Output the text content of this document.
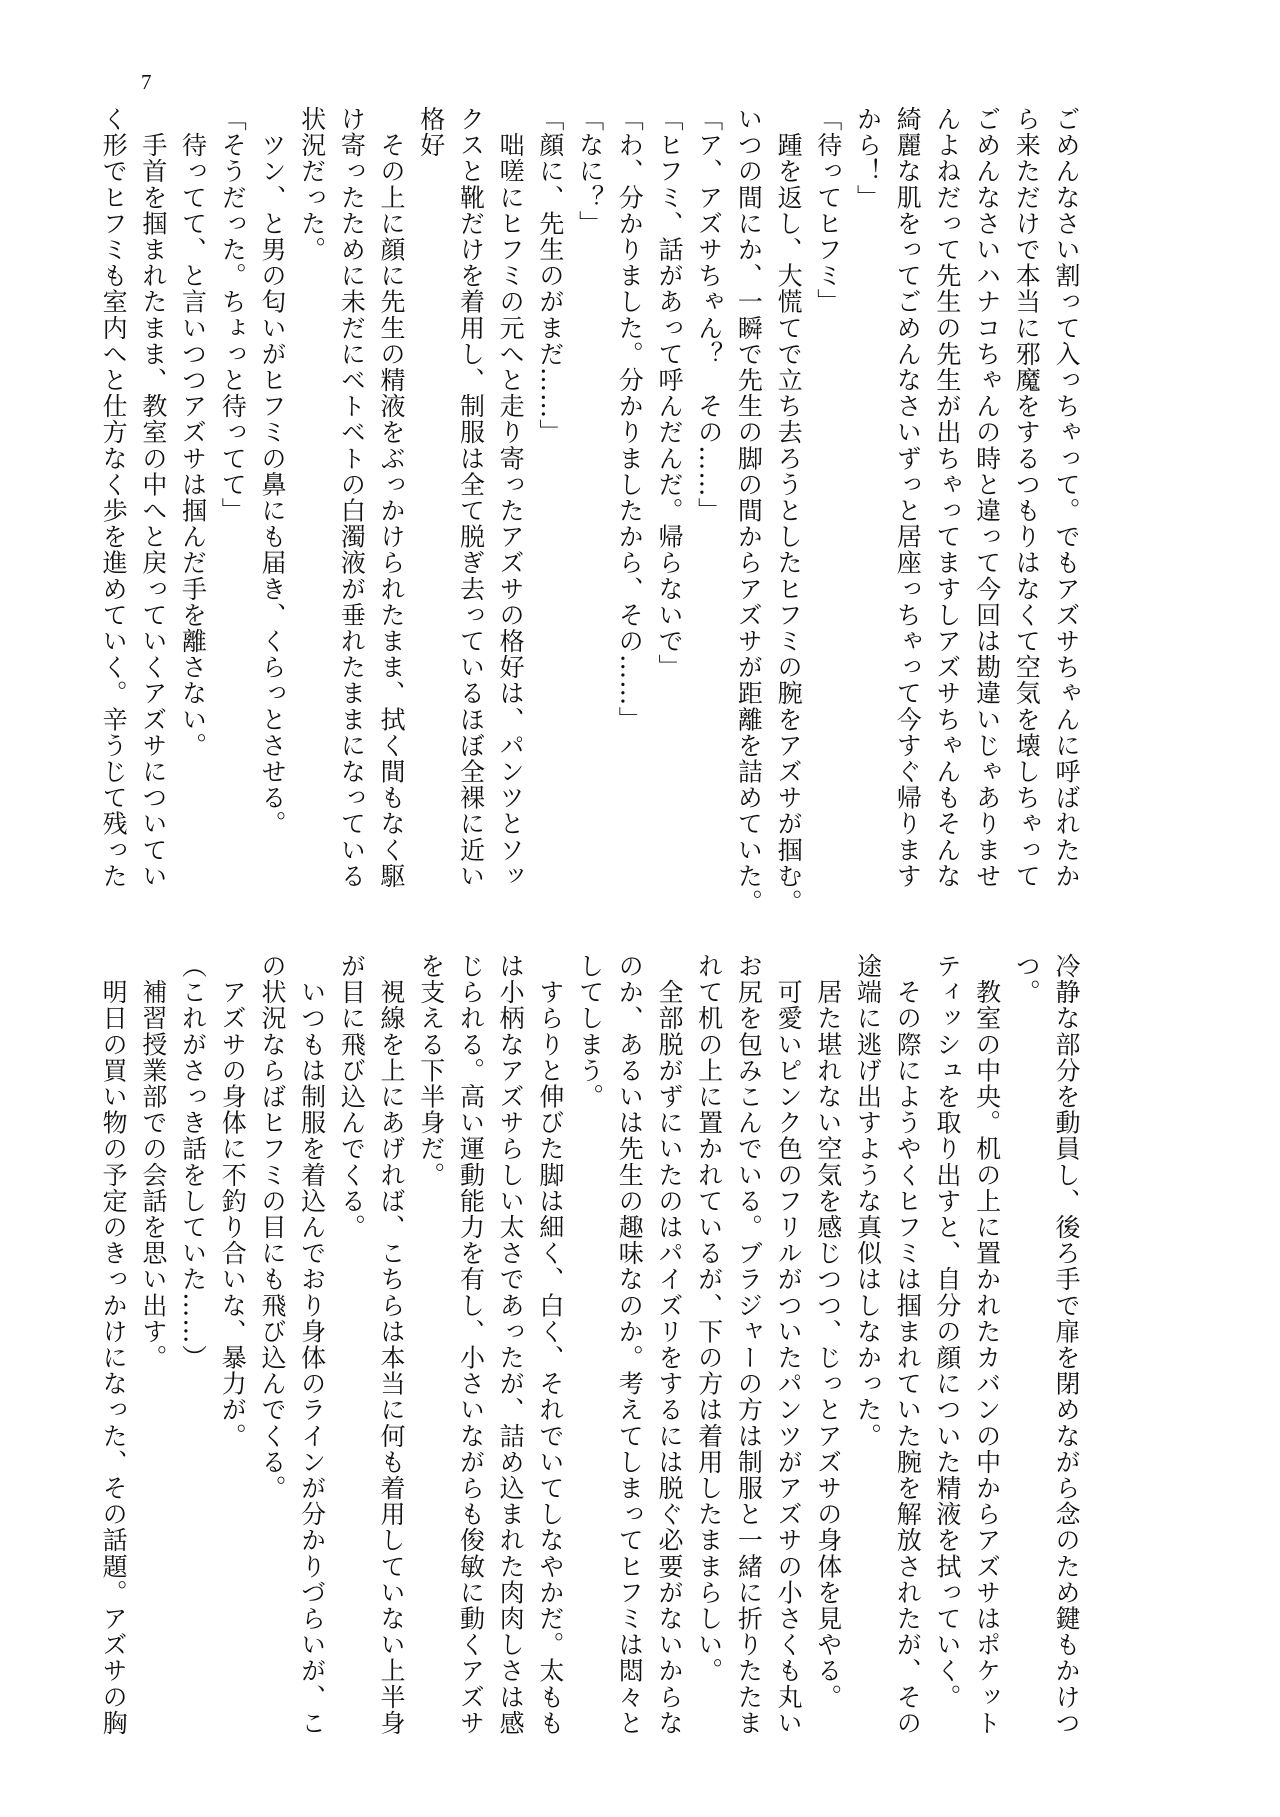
7
ごめんなさい割って入っちゃって。でもアズサちゃんに呼ばれたか
ら来ただけで本当に邪魔をするつもりはなくて空気を壊しちゃって
ごめんなさいハナコちゃんの時と違って今回は勘違いじゃありませ
んよねだって先生の先生が出ちゃってますしアズサちゃんもそんな
綺麗な肌をってごめんなさいずっと居座っちゃって今すぐ帰ります
から！」
「待ってヒフミ」
　踵を返し、大慌てで立ち去ろうとしたヒフミの腕をアズサが掴む。
いつの間にか、一瞬で先生の脚の間からアズサが距離を詰めていた。
「ア、アズサちゃん？　その……」
「ヒフミ、話があって呼んだんだ。帰らないで」
「わ、分かりました。分かりましたから、その……」
「なに？」
「顔に、先生のがまだ……」
　咄嗟にヒフミの元へと走り寄ったアズサの格好は、パンツとソッ
クスと靴だけを着用し、制服は全て脱ぎ去っているほぼ全裸に近い
格好
　その上に顔に先生の精液をぶっかけられたまま、拭く間もなく駆
け寄ったために未だにベトベトの白濁液が垂れたままになっている
状況だった。
　ツン、と男の匂いがヒフミの鼻にも届き、くらっとさせる。
「そうだった。ちょっと待ってて」
　待ってて、と言いつつアズサは掴んだ手を離さない。
　手首を掴まれたまま、教室の中へと戻っていくアズサについてい
く形でヒフミも室内へと仕方なく歩を進めていく。辛うじて残った
冷静な部分を動員し、後ろ手で扉を閉めながら念のため鍵もかけつ
つ。
　教室の中央。机の上に置かれたカバンの中からアズサはポケット
ティッシュを取り出すと、自分の顔についた精液を拭っていく。
　その際にようやくヒフミは掴まれていた腕を解放されたが、その
途端に逃げ出すような真似はしなかった。
　居た堪れない空気を感じつつ、じっとアズサの身体を見やる。
　可愛いピンク色のフリルがついたパンツがアズサの小さくも丸い
お尻を包みこんでいる。ブラジャーの方は制服と一緒に折りたたま
れて机の上に置かれているが、下の方は着用したままらしい。
　全部脱がずにいたのはパイズリをするには脱ぐ必要がないからな
のか、あるいは先生の趣味なのか。考えてしまってヒフミは悶々と
してしまう。
　すらりと伸びた脚は細く、白く、それでいてしなやかだ。太もも
は小柄なアズサらしい太さであったが、詰め込まれた肉肉しさは感
じられる。高い運動能力を有し、小さいながらも俊敏に動くアズサ
を支える下半身だ。
　視線を上にあげれば、こちらは本当に何も着用していない上半身
が目に飛び込んでくる。
　いつもは制服を着込んでおり身体のラインが分かりづらいが、こ
の状況ならばヒフミの目にも飛び込んでくる。
　アズサの身体に不釣り合いな、暴力が。
（これがさっき話をしていた……）
　補習授業部での会話を思い出す。
　明日の買い物の予定のきっかけになった、その話題。アズサの胸
